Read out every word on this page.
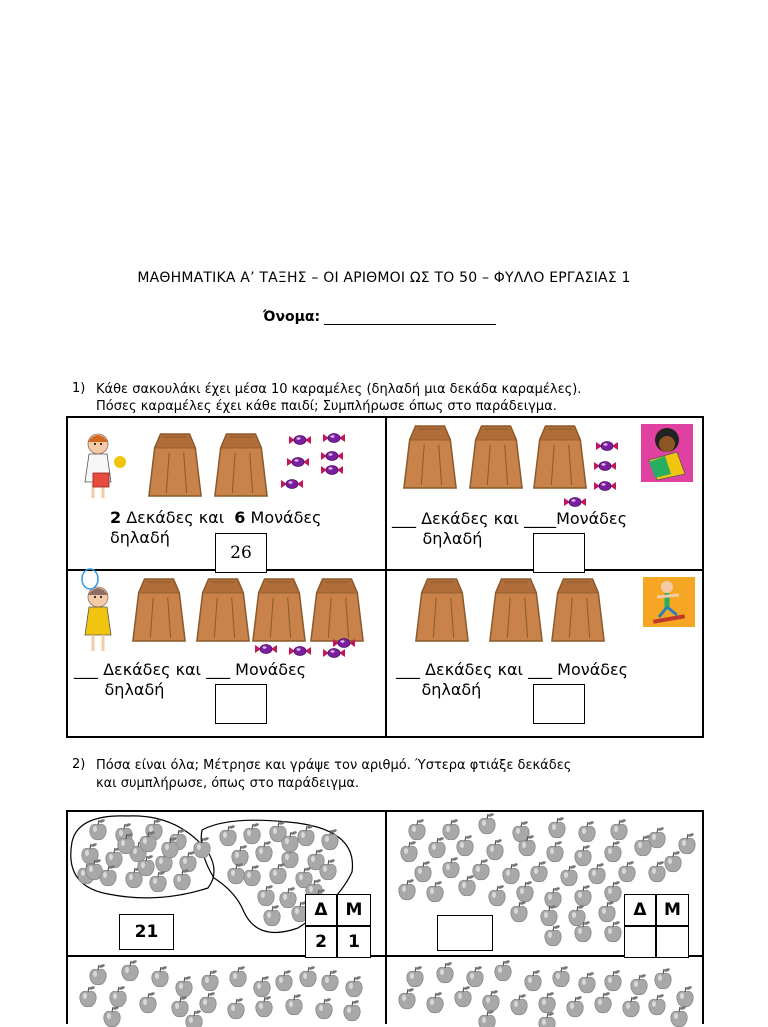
ΜΑΘΗΜΑΤΙΚΑ Α’ ΤΑΞΗΣ – ΟΙ ΑΡΙΘΜΟΙ ΩΣ ΤΟ 50 – ΦΥΛΛΟ ΕΡΓΑΣΙΑΣ 1
Όνομα:
1) Κάθε σακουλάκι έχει μέσα 10 καραμέλες (δηλαδή μια δεκάδα καραμέλες).
Πόσες καραμέλες έχει κάθε παιδί; Συμπλήρωσε όπως στο παράδειγμα.
2 Δεκάδες και 6 Μονάδες
δηλαδή
26
___ Δεκάδες και ____Μονάδες
δηλαδή
___ Δεκάδες και ___ Μονάδες
δηλαδή
___ Δεκάδες και ___ Μονάδες
δηλαδή
2) Πόσα είναι όλα; Μέτρησε και γράψε τον αριθμό. Ύστερα φτιάξε δεκάδες
και συμπλήρωσε, όπως στο παράδειγμα.
21
Δ	Μ
2	1
Δ	Μ
